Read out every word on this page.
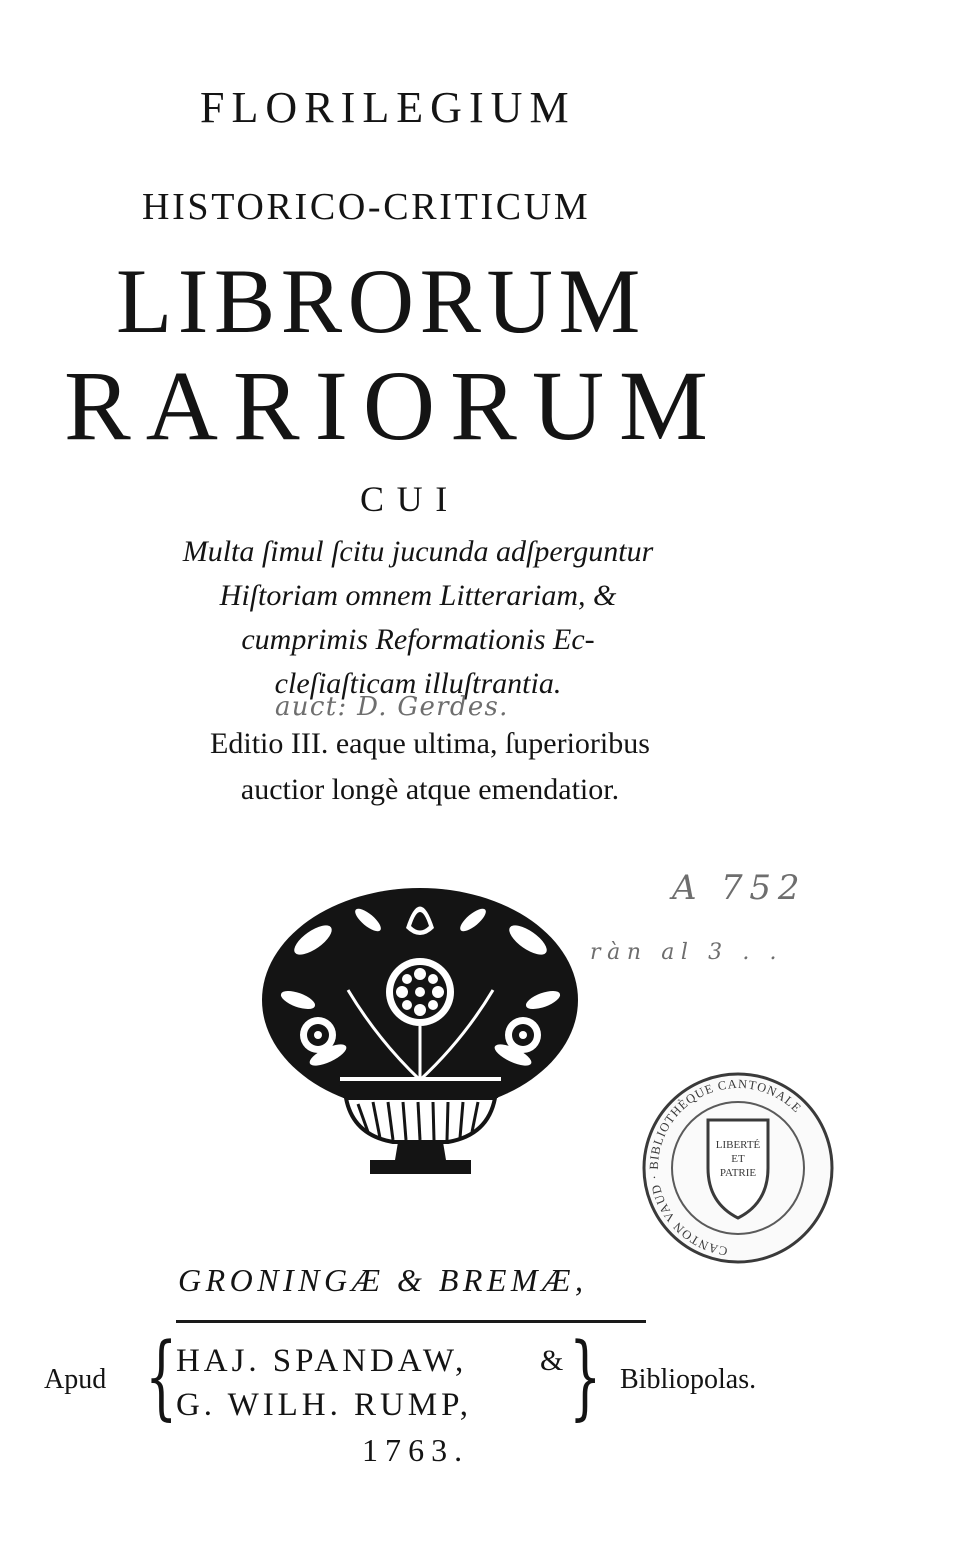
FLORILEGIUM
HISTORICO-CRITICUM
LIBRORUM
RARIORUM
CUI
Multa ſimul ſcitu jucunda adſperguntur
Hiſtoriam omnem Litterariam, &
cumprimis Reformationis Ec-
cleſiaſticam illuſtrantia.
auct: D. Gerdes.
Editio III. eaque ultima, ſuperioribus
auctior longè atque emendatior.
A 752
ràn al 3 . .
LIBERTÉ
ET
PATRIE
CANTON VAUD · BIBLIOTHÈQUE CANTONALE
GRONINGÆ & BREMÆ,
Apud {
HAJ. SPANDAW,
G. WILH. RUMP,
& } Bibliopolas.
1763.
